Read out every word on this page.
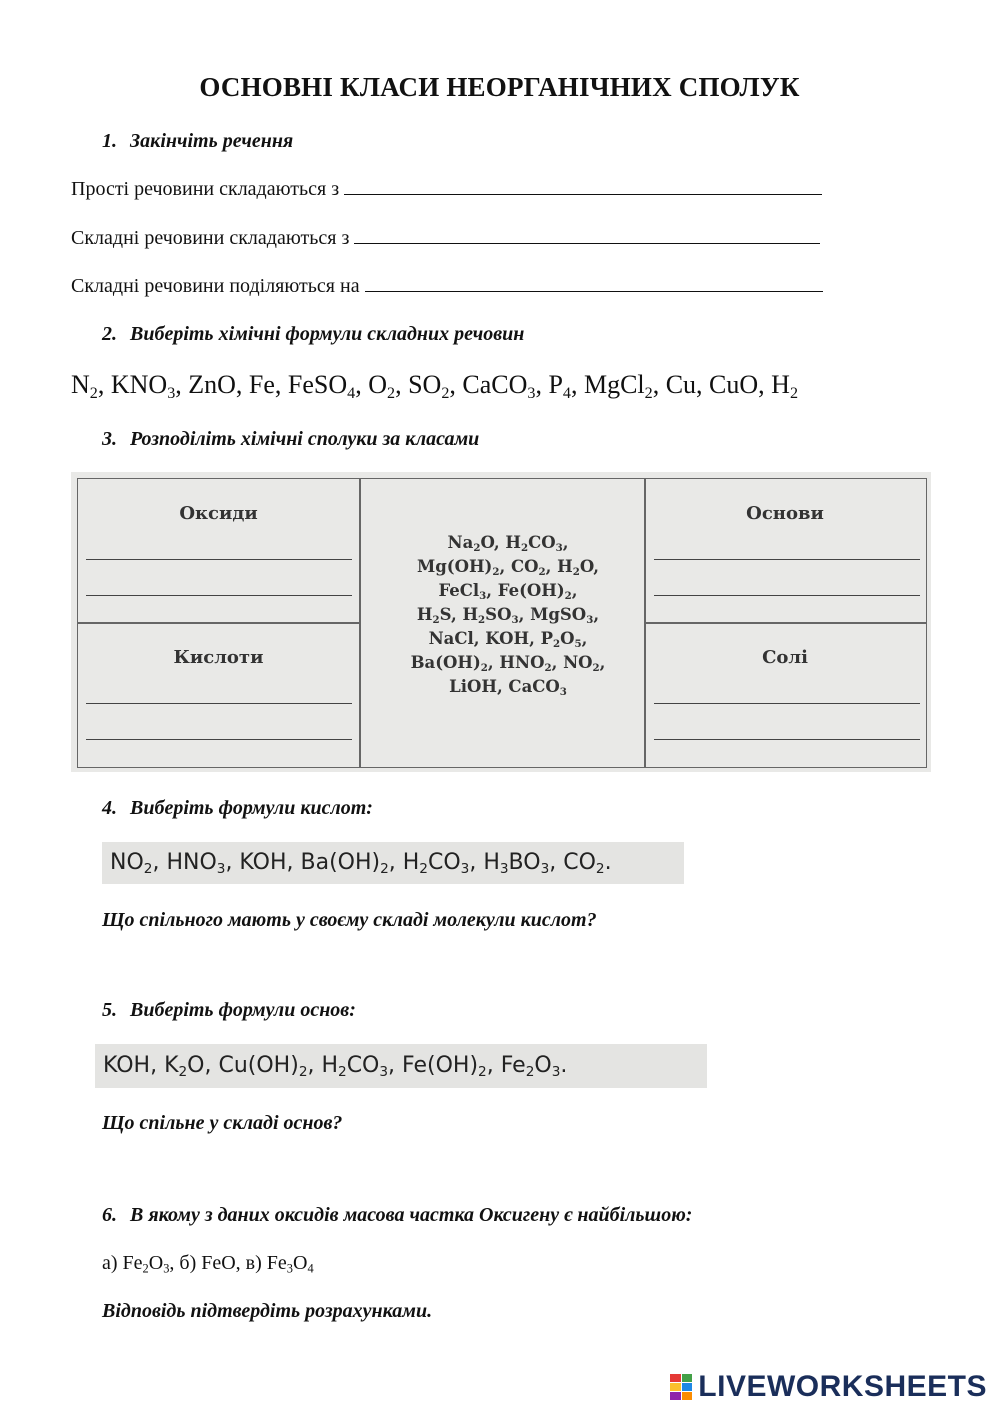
ОСНОВНІ КЛАСИ НЕОРГАНІЧНИХ СПОЛУК
1. Закінчіть речення
Прості речовини складаються з
Складні речовини складаються з
Складні речовини поділяються на
2. Виберіть хімічні формули складних речовин
$N_2$, $KNO_3$, ZnO, Fe, FeSO$_4$, $O_2$, $SO_2$, CaCO$_3$, $P_4$, MgCl$_2$, Cu, CuO, $H_2$
3. Розподіліть хімічні сполуки за класами
Оксиди	Основи
Кислоти	Солі
$Na_2O$, $H_2CO_3$,
$Mg(OH)_2$, $CO_2$, $H_2O$,
FeCl$_3$, $Fe(OH)_2$,
$H_2S$, $H_2SO_3$, MgSO$_3$,
NaCl, KOH, $P_2O_5$,
$Ba(OH)_2$, $HNO_2$, $NO_2$,
LiOH, CaCO$_3$
4. Виберіть формули кислот:
$NO_2$, $HNO_3$, KOH, $Ba(OH)_2$, $H_2CO_3$, $H_3BO_3$, $CO_2$.
Що спільного мають у своєму складі молекули кислот?
5. Виберіть формули основ:
KOH, $K_2O$, $Cu(OH)_2$, $H_2CO_3$, $Fe(OH)_2$, $Fe_2O_3$.
Що спільне у складі основ?
6. В якому з даних оксидів масова частка Оксигену є найбільшою:
а) $Fe_2O_3$, б) FeO, в) $Fe_3O_4$
Відповідь підтвердіть розрахунками.
LIVEWORKSHEETS
